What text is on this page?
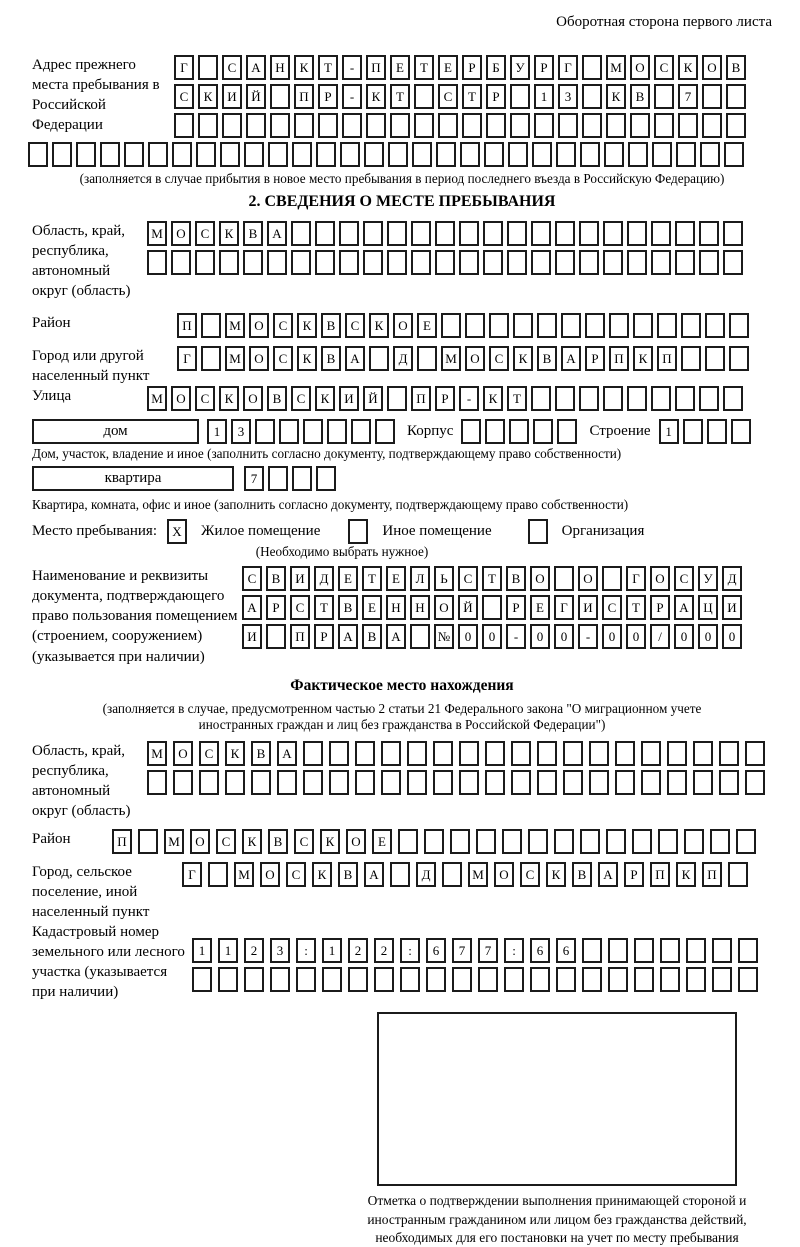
Оборотная сторона первого листа
Адрес прежнего места пребывания в Российской Федерации
Г	С А Н К Т - П Е Т Е Р Б У Р Г	М О С К О В
С К И Й	П Р - К Т	С Т Р	1 3	К В	7
(заполняется в случае прибытия в новое место пребывания в период последнего въезда в Российскую Федерацию)
2. СВЕДЕНИЯ О МЕСТЕ ПРЕБЫВАНИЯ
Область, край, республика, автономный округ (область)
М О С К В А
Район	П	М О С К В С К О Е
Город или другой населенный пункт
Г	М О С К В А	Д	М О С К В А Р П К П
Улица	М О С К О В С К И Й	П Р - К Т
дом	1 3	Корпус	Строение	1
Дом, участок, владение и иное (заполнить согласно документу, подтверждающему право собственности)
квартира	7
Квартира, комната, офис и иное (заполнить согласно документу, подтверждающему право собственности)
Место пребывания:	X	Жилое помещение	Иное помещение	Организация
(Необходимо выбрать нужное)
Наименование и реквизиты документа, подтверждающего право пользования помещением (строением, сооружением) (указывается при наличии)
С В И Д Е Т Е Л Ь С Т В О	О	Г О С У Д
А Р С Т В Е Н Н О Й	Р Е Г И С Т Р А Ц И
И	П Р А В А	№ 0 0 - 0 0 - 0 0 / 0 0 0
Фактическое место нахождения
(заполняется в случае, предусмотренном частью 2 статьи 21 Федерального закона "О миграционном учете иностранных граждан и лиц без гражданства в Российской Федерации")
Область, край, республика, автономный округ (область)
М О С К В А
Район	П	М О С К В С К О Е
Город, сельское поселение, иной населенный пункт
Г	М О С К В А	Д	М О С К В А Р П К П
Кадастровый номер земельного или лесного участка (указывается при наличии)
1 1 2 3 : 1 2 2 : 6 7 7 : 6 6
Отметка о подтверждении выполнения принимающей стороной и иностранным гражданином или лицом без гражданства действий, необходимых для его постановки на учет по месту пребывания
